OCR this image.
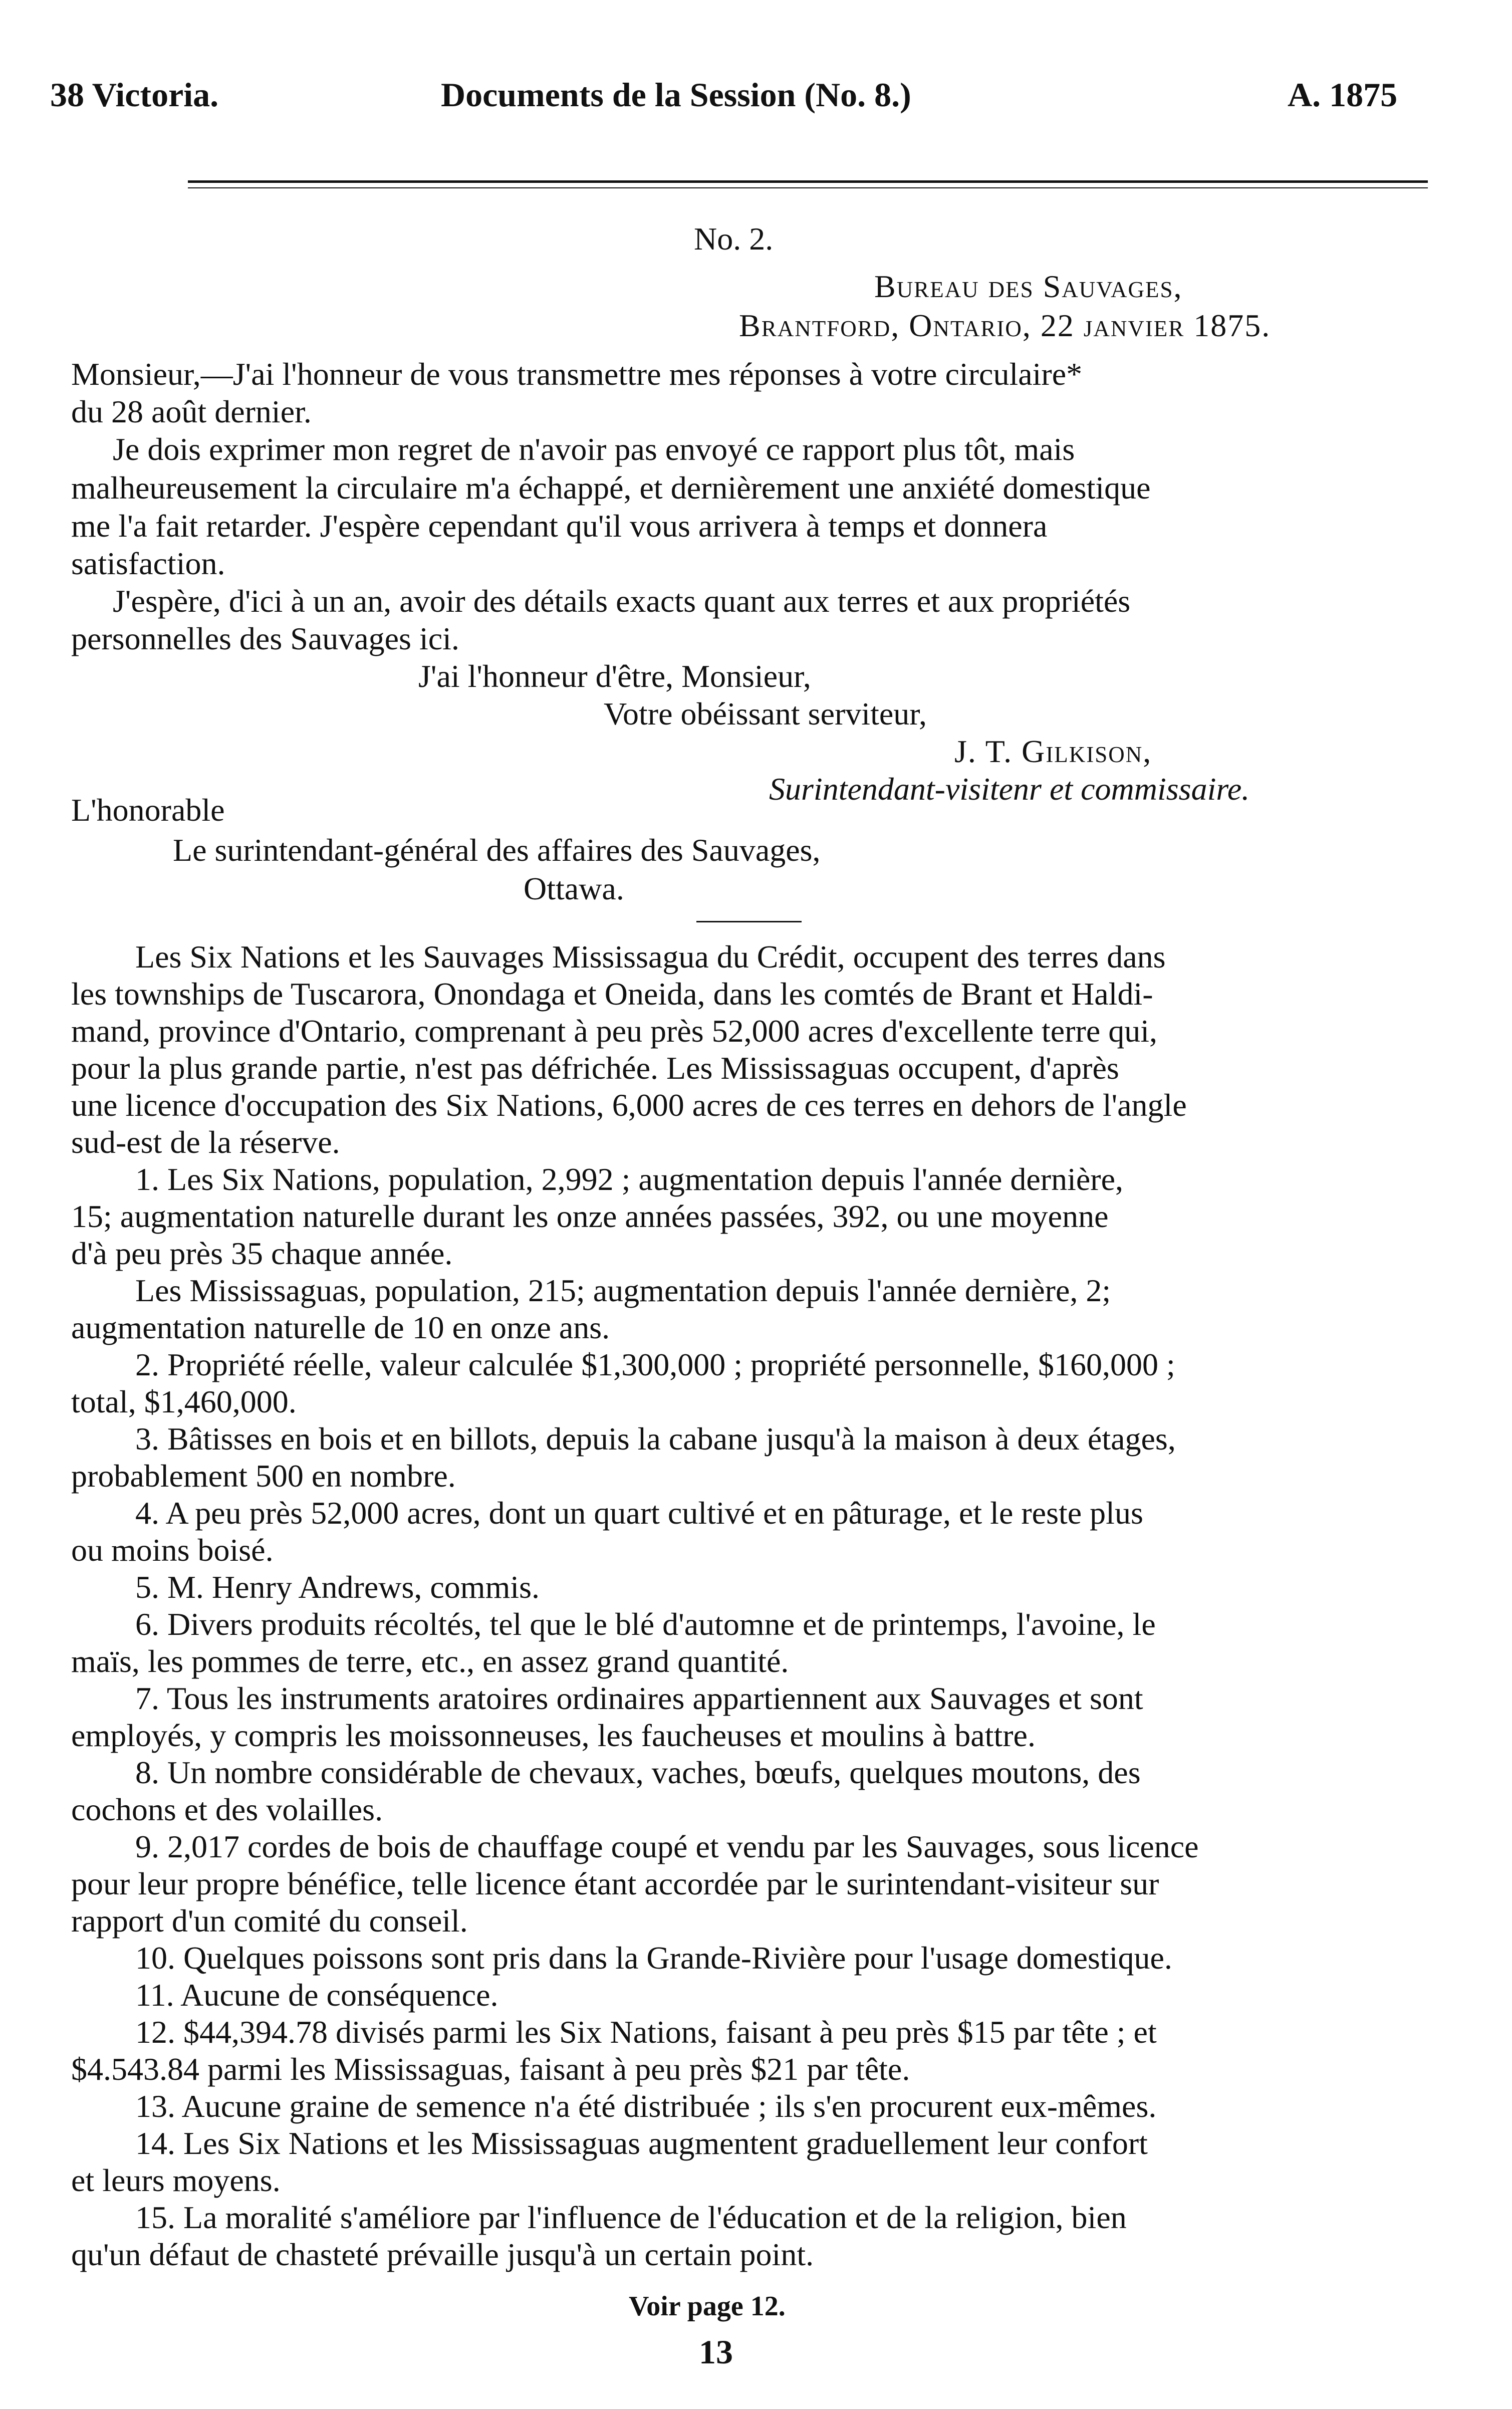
38 Victoria.	Documents de la Session (No. 8.)	A. 1875
No. 2.
Bureau des Sauvages,
Brantford, Ontario, 22 janvier 1875.
Monsieur,—J'ai l'honneur de vous transmettre mes réponses à votre circulaire*
du 28 août dernier.
Je dois exprimer mon regret de n'avoir pas envoyé ce rapport plus tôt, mais
malheureusement la circulaire m'a échappé, et dernièrement une anxiété domestique
me l'a fait retarder. J'espère cependant qu'il vous arrivera à temps et donnera
satisfaction.
J'espère, d'ici à un an, avoir des détails exacts quant aux terres et aux propriétés
personnelles des Sauvages ici.
J'ai l'honneur d'être, Monsieur,
Votre obéissant serviteur,
J. T. Gilkison,
Surintendant-visitenr et commissaire.
L'honorable
Le surintendant-général des affaires des Sauvages,
Ottawa.
Les Six Nations et les Sauvages Mississagua du Crédit, occupent des terres dans
les townships de Tuscarora, Onondaga et Oneida, dans les comtés de Brant et Haldi-
mand, province d'Ontario, comprenant à peu près 52,000 acres d'excellente terre qui,
pour la plus grande partie, n'est pas défrichée. Les Mississaguas occupent, d'après
une licence d'occupation des Six Nations, 6,000 acres de ces terres en dehors de l'angle
sud-est de la réserve.
1. Les Six Nations, population, 2,992 ; augmentation depuis l'année dernière,
15; augmentation naturelle durant les onze années passées, 392, ou une moyenne
d'à peu près 35 chaque année.
Les Mississaguas, population, 215; augmentation depuis l'année dernière, 2;
augmentation naturelle de 10 en onze ans.
2. Propriété réelle, valeur calculée $1,300,000 ; propriété personnelle, $160,000 ;
total, $1,460,000.
3. Bâtisses en bois et en billots, depuis la cabane jusqu'à la maison à deux étages,
probablement 500 en nombre.
4. A peu près 52,000 acres, dont un quart cultivé et en pâturage, et le reste plus
ou moins boisé.
5. M. Henry Andrews, commis.
6. Divers produits récoltés, tel que le blé d'automne et de printemps, l'avoine, le
maïs, les pommes de terre, etc., en assez grand quantité.
7. Tous les instruments aratoires ordinaires appartiennent aux Sauvages et sont
employés, y compris les moissonneuses, les faucheuses et moulins à battre.
8. Un nombre considérable de chevaux, vaches, bœufs, quelques moutons, des
cochons et des volailles.
9. 2,017 cordes de bois de chauffage coupé et vendu par les Sauvages, sous licence
pour leur propre bénéfice, telle licence étant accordée par le surintendant-visiteur sur
rapport d'un comité du conseil.
10. Quelques poissons sont pris dans la Grande-Rivière pour l'usage domestique.
11. Aucune de conséquence.
12. $44,394.78 divisés parmi les Six Nations, faisant à peu près $15 par tête ; et
$4.543.84 parmi les Mississaguas, faisant à peu près $21 par tête.
13. Aucune graine de semence n'a été distribuée ; ils s'en procurent eux-mêmes.
14. Les Six Nations et les Mississaguas augmentent graduellement leur confort
et leurs moyens.
15. La moralité s'améliore par l'influence de l'éducation et de la religion, bien
qu'un défaut de chasteté prévaille jusqu'à un certain point.
Voir page 12.
13
